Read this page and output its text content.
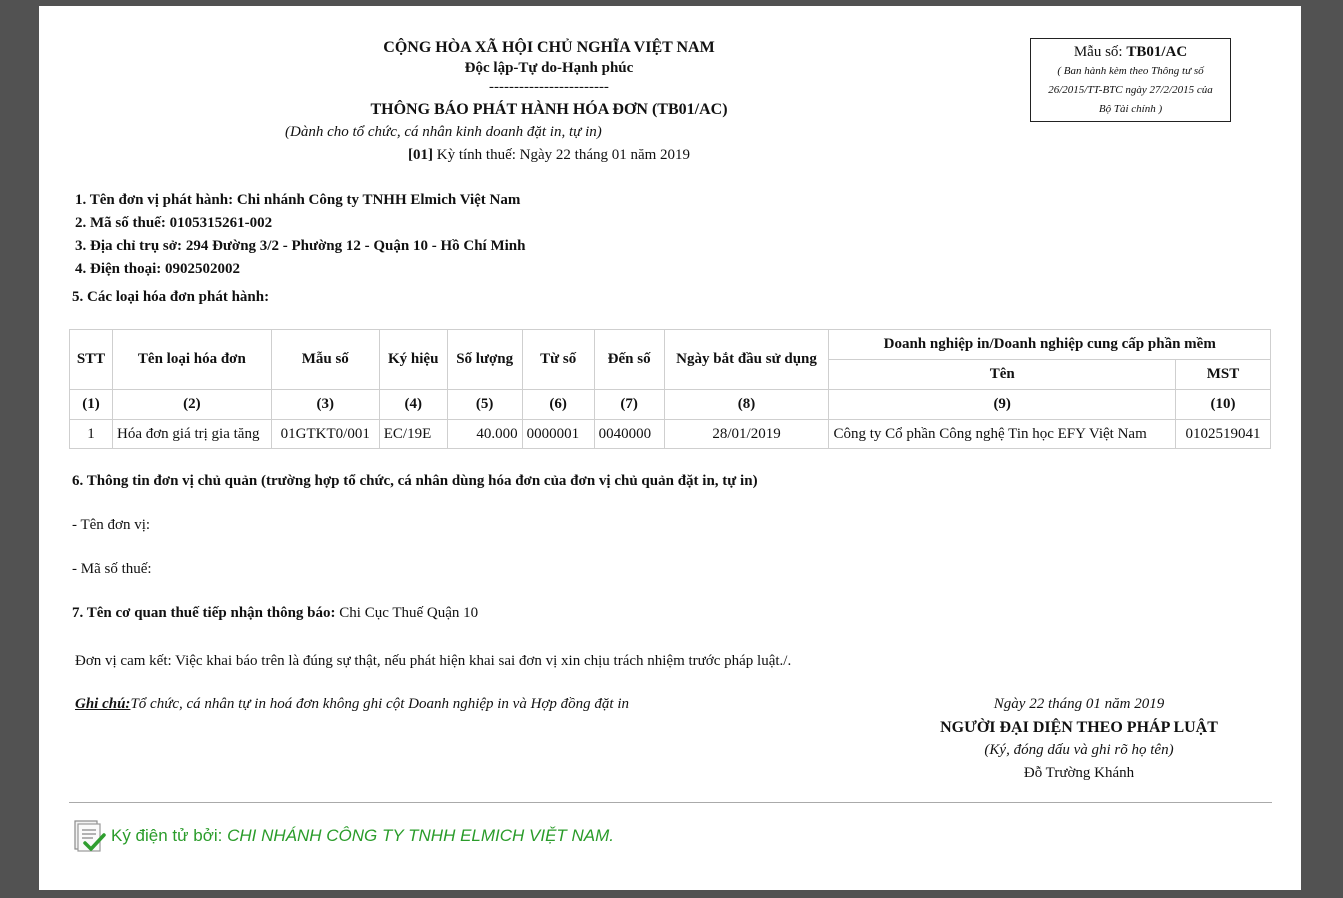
CỘNG HÒA XÃ HỘI CHỦ NGHĨA VIỆT NAM
Độc lập-Tự do-Hạnh phúc
------------------------
THÔNG BÁO PHÁT HÀNH HÓA ĐƠN (TB01/AC)
(Dành cho tổ chức, cá nhân kinh doanh đặt in, tự in)
[01] Kỳ tính thuế: Ngày 22 tháng 01 năm 2019
Mẫu số: TB01/AC
( Ban hành kèm theo Thông tư số
26/2015/TT-BTC ngày 27/2/2015 của
Bộ Tài chính )
1. Tên đơn vị phát hành: Chi nhánh Công ty TNHH Elmich Việt Nam
2. Mã số thuế: 0105315261-002
3. Địa chỉ trụ sở: 294 Đường 3/2 - Phường 12 - Quận 10 - Hồ Chí Minh
4. Điện thoại: 0902502002
5. Các loại hóa đơn phát hành:
STT	Tên loại hóa đơn	Mẫu số	Ký hiệu	Số lượng	Từ số	Đến số	Ngày bắt đầu sử dụng	Doanh nghiệp in/Doanh nghiệp cung cấp phần mềm	
								Tên	MST
(1)	(2)	(3)	(4)	(5)	(6)	(7)	(8)	(9)	(10)
1	Hóa đơn giá trị gia tăng	01GTKT0/001	EC/19E	40.000	0000001	0040000	28/01/2019	Công ty Cổ phần Công nghệ Tin học EFY Việt Nam	0102519041
6. Thông tin đơn vị chủ quản (trường hợp tổ chức, cá nhân dùng hóa đơn của đơn vị chủ quản đặt in, tự in)
- Tên đơn vị:
- Mã số thuế:
7. Tên cơ quan thuế tiếp nhận thông báo: Chi Cục Thuế Quận 10
Đơn vị cam kết: Việc khai báo trên là đúng sự thật, nếu phát hiện khai sai đơn vị xin chịu trách nhiệm trước pháp luật./.
Ghi chú:Tổ chức, cá nhân tự in hoá đơn không ghi cột Doanh nghiệp in và Hợp đồng đặt in	Ngày 22 tháng 01 năm 2019
NGƯỜI ĐẠI DIỆN THEO PHÁP LUẬT
(Ký, đóng dấu và ghi rõ họ tên)
Đỗ Trường Khánh
Ký điện tử bởi: CHI NHÁNH CÔNG TY TNHH ELMICH VIỆT NAM.
